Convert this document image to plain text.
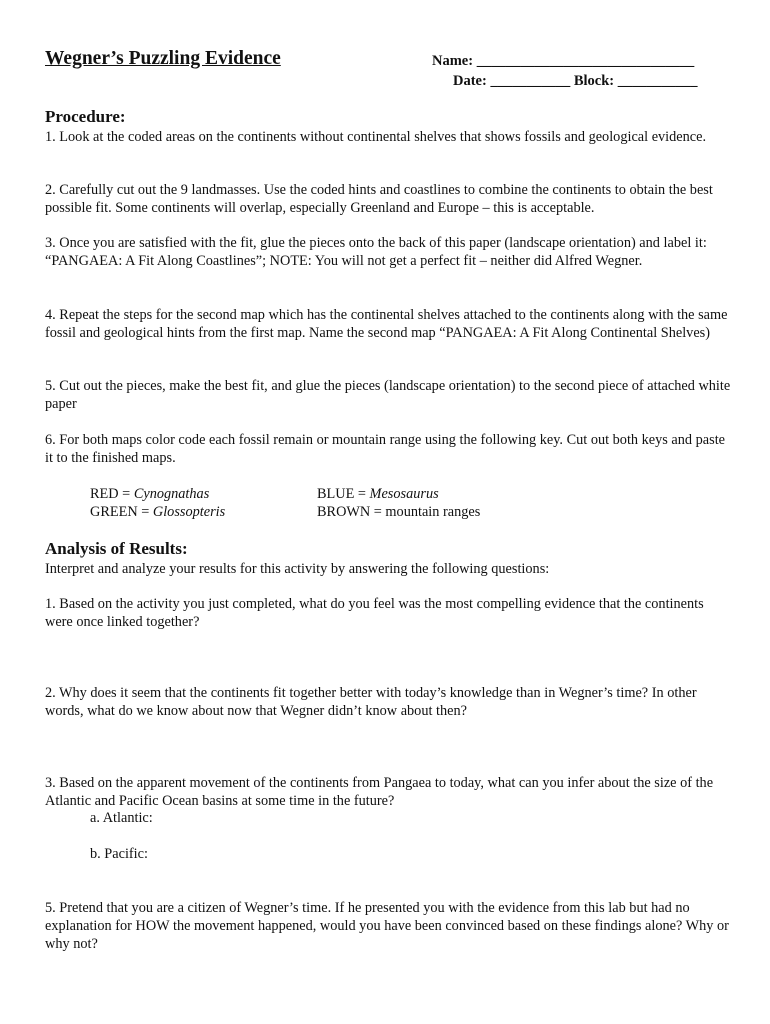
Wegner’s Puzzling Evidence	Name: ______________________________
Date: ___________ Block: ___________
Procedure:
1. Look at the coded areas on the continents without continental shelves that shows fossils and geological evidence.
2. Carefully cut out the 9 landmasses. Use the coded hints and coastlines to combine the continents to obtain the best possible fit. Some continents will overlap, especially Greenland and Europe – this is acceptable.
3. Once you are satisfied with the fit, glue the pieces onto the back of this paper (landscape orientation) and label it: “PANGAEA: A Fit Along Coastlines”; NOTE: You will not get a perfect fit – neither did Alfred Wegner.
4. Repeat the steps for the second map which has the continental shelves attached to the continents along with the same fossil and geological hints from the first map. Name the second map “PANGAEA: A Fit Along Continental Shelves)
5. Cut out the pieces, make the best fit, and glue the pieces (landscape orientation) to the second piece of attached white paper
6. For both maps color code each fossil remain or mountain range using the following key. Cut out both keys and paste it to the finished maps.
RED = Cynognathas	BLUE = Mesosaurus
GREEN = Glossopteris	BROWN = mountain ranges
Analysis of Results:
Interpret and analyze your results for this activity by answering the following questions:
1. Based on the activity you just completed, what do you feel was the most compelling evidence that the continents were once linked together?
2. Why does it seem that the continents fit together better with today’s knowledge than in Wegner’s time? In other words, what do we know about now that Wegner didn’t know about then?
3. Based on the apparent movement of the continents from Pangaea to today, what can you infer about the size of the Atlantic and Pacific Ocean basins at some time in the future?
a. Atlantic:
b. Pacific:
5. Pretend that you are a citizen of Wegner’s time. If he presented you with the evidence from this lab but had no explanation for HOW the movement happened, would you have been convinced based on these findings alone? Why or why not?
